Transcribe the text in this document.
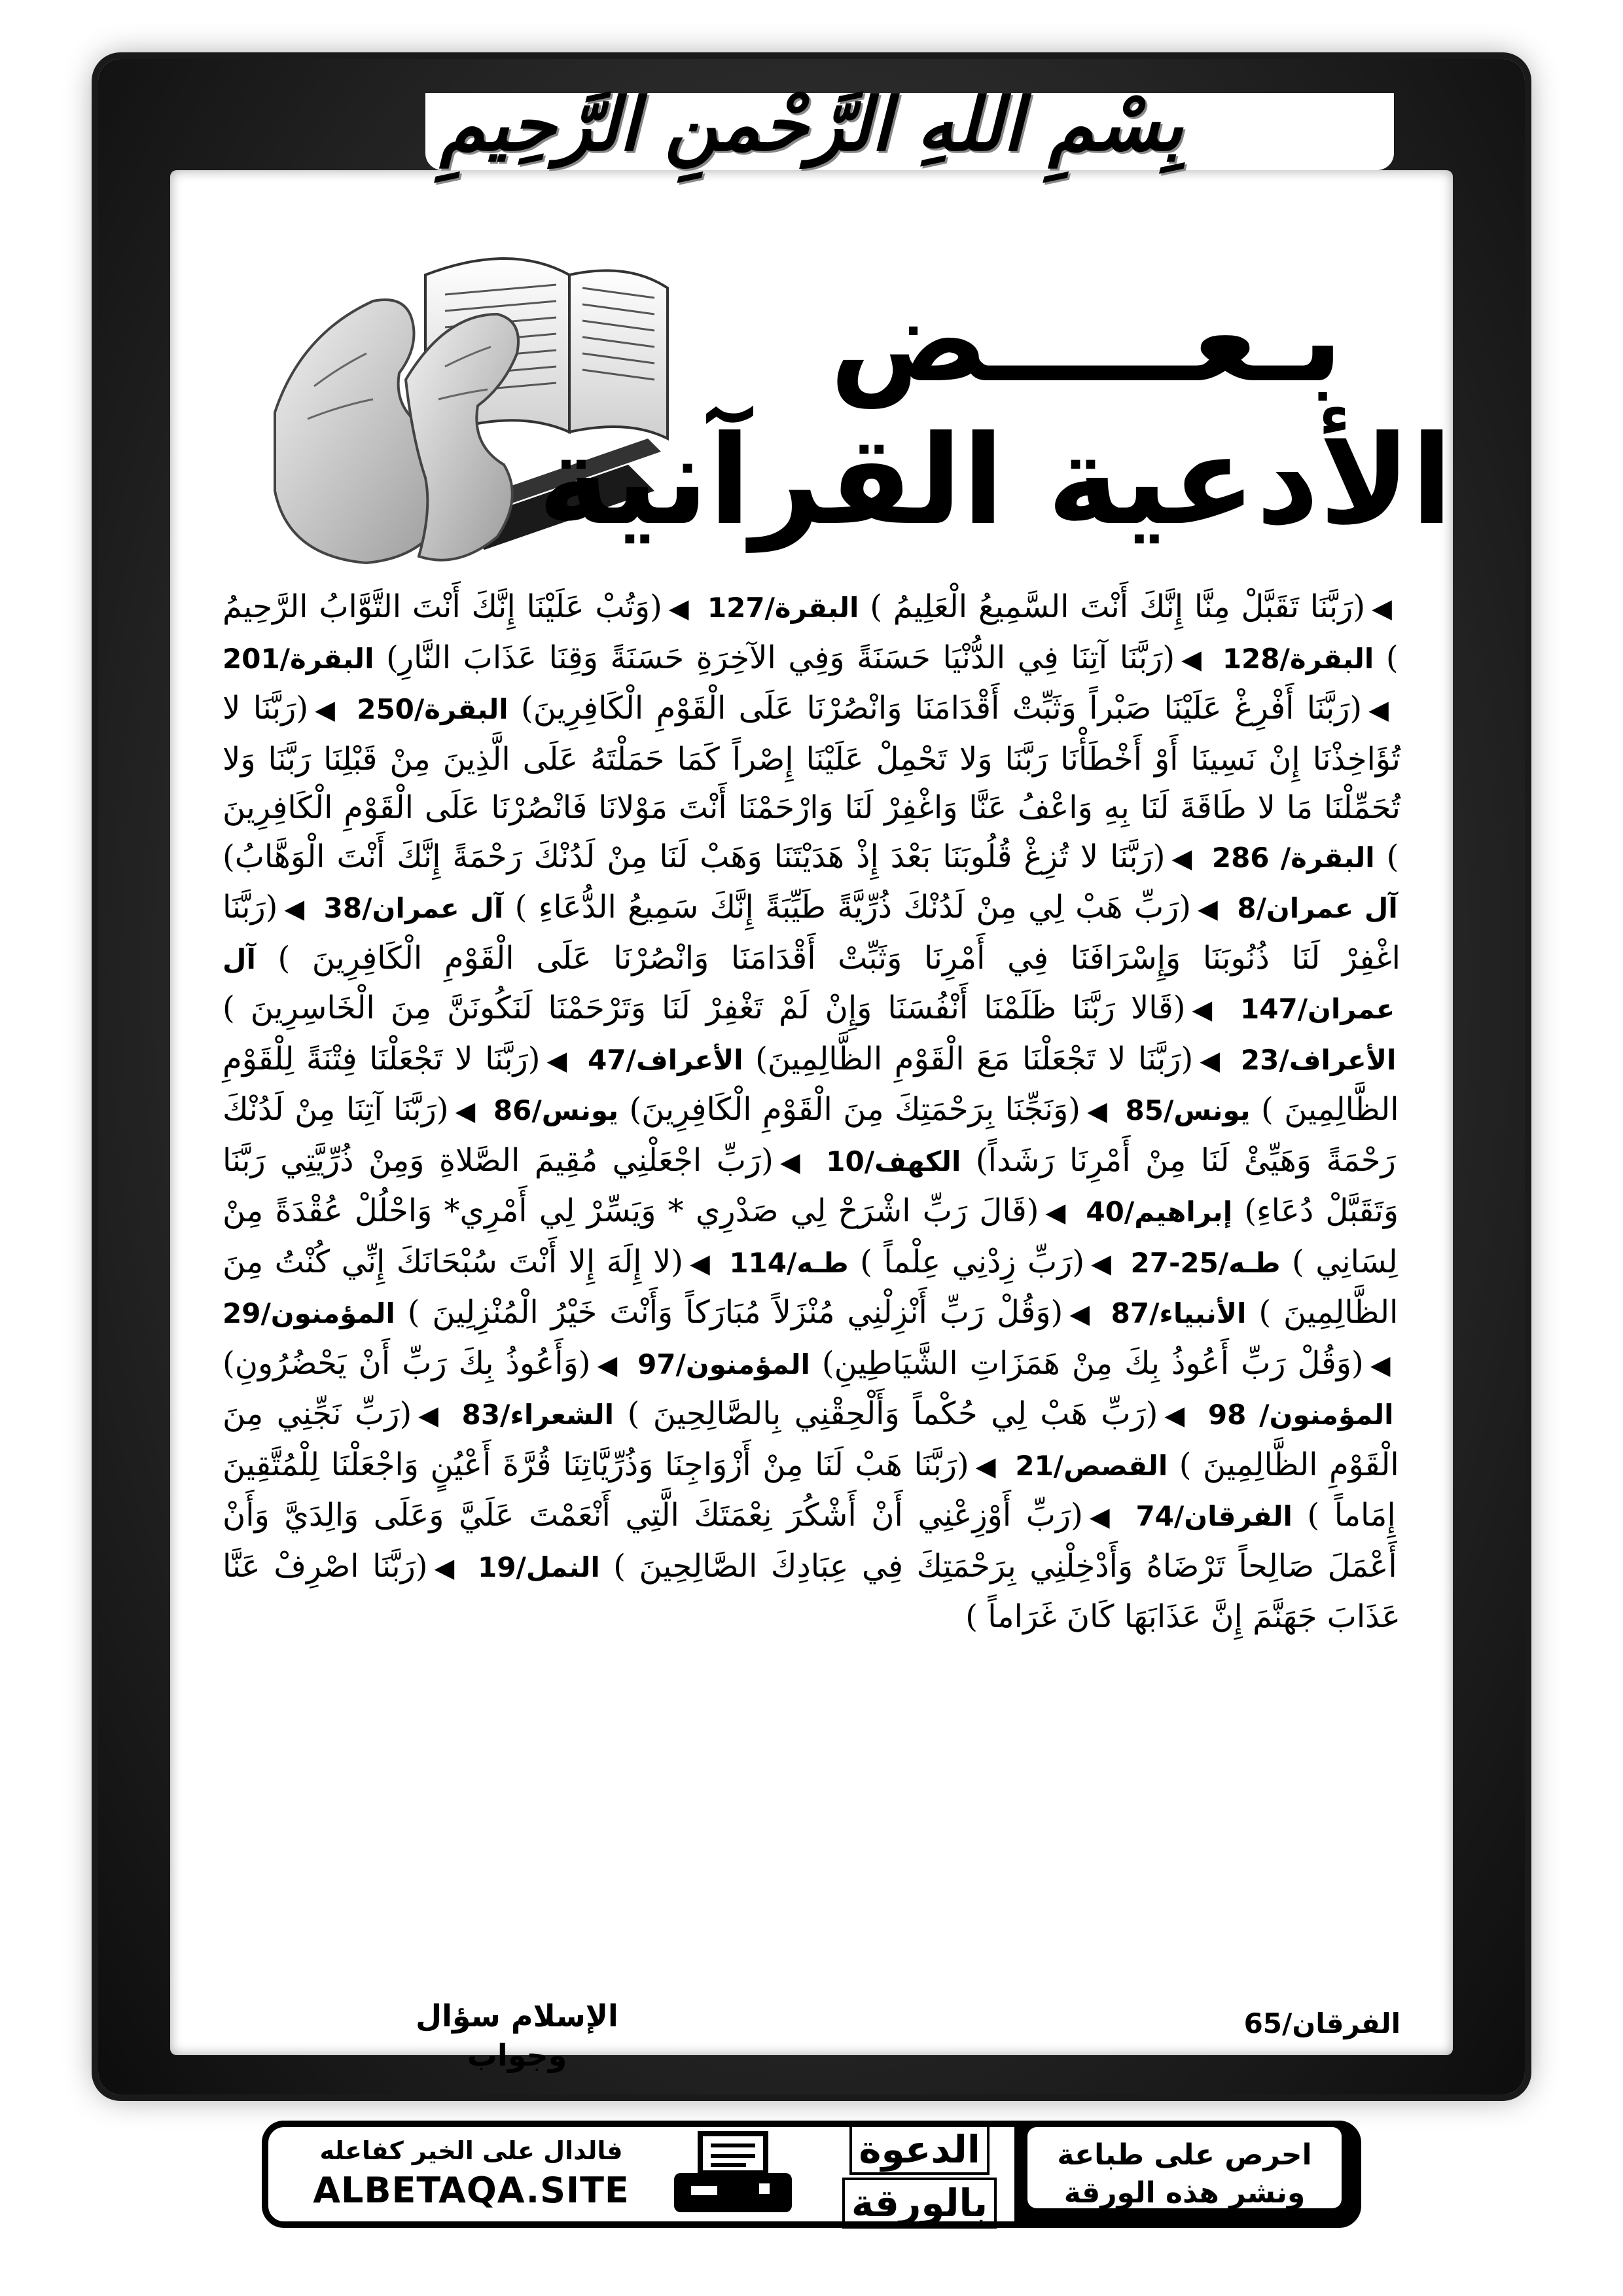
بِسْمِ اللهِ الرَّحْمنِ الرَّحِيمِ
بـعـــــض
الأدعية القرآنية
◀(رَبَّنَا تَقَبَّلْ مِنَّا إِنَّكَ أَنْتَ السَّمِيعُ الْعَلِيمُ ) البقرة/127 ◀(وَتُبْ عَلَيْنَا إِنَّكَ أَنْتَ التَّوَّابُ الرَّحِيمُ ) البقرة/128 ◀(رَبَّنَا آتِنَا فِي الدُّنْيَا حَسَنَةً وَفِي الآخِرَةِ حَسَنَةً وَقِنَا عَذَابَ النَّارِ) البقرة/201 ◀(رَبَّنَا أَفْرِغْ عَلَيْنَا صَبْراً وَثَبِّتْ أَقْدَامَنَا وَانْصُرْنَا عَلَى الْقَوْمِ الْكَافِرِينَ) البقرة/250 ◀(رَبَّنَا لا تُؤَاخِذْنَا إِنْ نَسِينَا أَوْ أَخْطَأْنَا رَبَّنَا وَلا تَحْمِلْ عَلَيْنَا إِصْراً كَمَا حَمَلْتَهُ عَلَى الَّذِينَ مِنْ قَبْلِنَا رَبَّنَا وَلا تُحَمِّلْنَا مَا لا طَاقَةَ لَنَا بِهِ وَاعْفُ عَنَّا وَاغْفِرْ لَنَا وَارْحَمْنَا أَنْتَ مَوْلانَا فَانْصُرْنَا عَلَى الْقَوْمِ الْكَافِرِينَ ) البقرة/ 286 ◀(رَبَّنَا لا تُزِغْ قُلُوبَنَا بَعْدَ إِذْ هَدَيْتَنَا وَهَبْ لَنَا مِنْ لَدُنْكَ رَحْمَةً إِنَّكَ أَنْتَ الْوَهَّابُ) آل عمران/8 ◀(رَبِّ هَبْ لِي مِنْ لَدُنْكَ ذُرِّيَّةً طَيِّبَةً إِنَّكَ سَمِيعُ الدُّعَاءِ ) آل عمران/38 ◀(رَبَّنَا اغْفِرْ لَنَا ذُنُوبَنَا وَإِسْرَافَنَا فِي أَمْرِنَا وَثَبِّتْ أَقْدَامَنَا وَانْصُرْنَا عَلَى الْقَوْمِ الْكَافِرِينَ ) آل عمران/147 ◀(قَالا رَبَّنَا ظَلَمْنَا أَنْفُسَنَا وَإِنْ لَمْ تَغْفِرْ لَنَا وَتَرْحَمْنَا لَنَكُونَنَّ مِنَ الْخَاسِرِينَ ) الأعراف/23 ◀(رَبَّنَا لا تَجْعَلْنَا مَعَ الْقَوْمِ الظَّالِمِينَ) الأعراف/47 ◀(رَبَّنَا لا تَجْعَلْنَا فِتْنَةً لِلْقَوْمِ الظَّالِمِينَ ) يونس/85 ◀(وَنَجِّنَا بِرَحْمَتِكَ مِنَ الْقَوْمِ الْكَافِرِينَ) يونس/86 ◀(رَبَّنَا آتِنَا مِنْ لَدُنْكَ رَحْمَةً وَهَيِّئْ لَنَا مِنْ أَمْرِنَا رَشَداً) الكهف/10 ◀(رَبِّ اجْعَلْنِي مُقِيمَ الصَّلاةِ وَمِنْ ذُرِّيَّتِي رَبَّنَا وَتَقَبَّلْ دُعَاءِ) إبراهيم/40 ◀(قَالَ رَبِّ اشْرَحْ لِي صَدْرِي * وَيَسِّرْ لِي أَمْرِي* وَاحْلُلْ عُقْدَةً مِنْ لِسَانِي ) طـه/25-27 ◀(رَبِّ زِدْنِي عِلْماً ) طـه/114 ◀(لا إِلَهَ إِلا أَنْتَ سُبْحَانَكَ إِنِّي كُنْتُ مِنَ الظَّالِمِينَ ) الأنبياء/87 ◀(وَقُلْ رَبِّ أَنْزِلْنِي مُنْزَلاً مُبَارَكاً وَأَنْتَ خَيْرُ الْمُنْزِلِينَ ) المؤمنون/29 ◀(وَقُلْ رَبِّ أَعُوذُ بِكَ مِنْ هَمَزَاتِ الشَّيَاطِينِ) المؤمنون/97 ◀(وَأَعُوذُ بِكَ رَبِّ أَنْ يَحْضُرُونِ) المؤمنون/ 98 ◀(رَبِّ هَبْ لِي حُكْماً وَأَلْحِقْنِي بِالصَّالِحِينَ ) الشعراء/83 ◀(رَبِّ نَجِّنِي مِنَ الْقَوْمِ الظَّالِمِينَ ) القصص/21 ◀(رَبَّنَا هَبْ لَنَا مِنْ أَزْوَاجِنَا وَذُرِّيَّاتِنَا قُرَّةَ أَعْيُنٍ وَاجْعَلْنَا لِلْمُتَّقِينَ إِمَاماً ) الفرقان/74 ◀(رَبِّ أَوْزِعْنِي أَنْ أَشْكُرَ نِعْمَتَكَ الَّتِي أَنْعَمْتَ عَلَيَّ وَعَلَى وَالِدَيَّ وَأَنْ أَعْمَلَ صَالِحاً تَرْضَاهُ وَأَدْخِلْنِي بِرَحْمَتِكَ فِي عِبَادِكَ الصَّالِحِينَ ) النمل/19 ◀(رَبَّنَا اصْرِفْ عَنَّا عَذَابَ جَهَنَّمَ إِنَّ عَذَابَهَا كَانَ غَرَاماً )
الفرقان/65
الإسلام سؤال وجواب
فالدال على الخير كفاعله
ALBETAQA.SITE
الدعوة
بالورقة
احرص على طباعة
ونشر هذه الورقة
